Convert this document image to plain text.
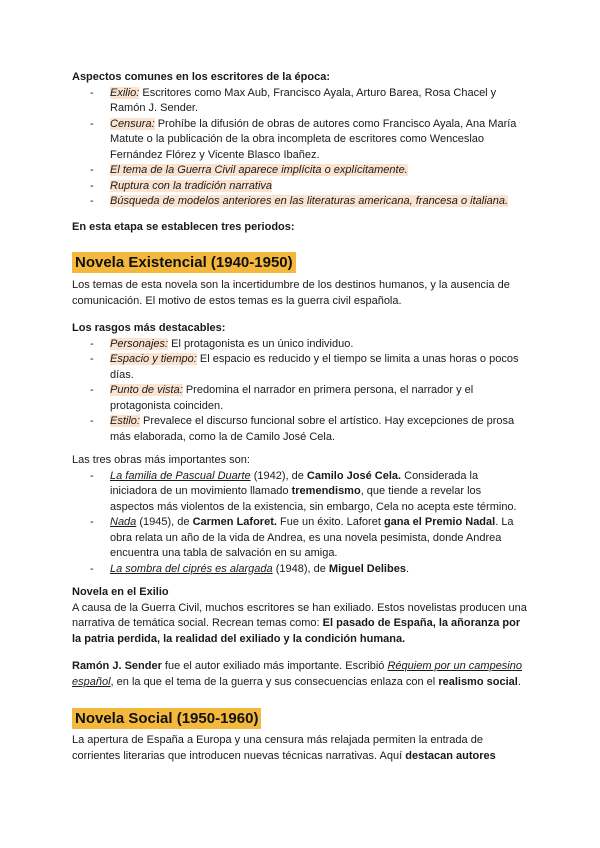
Aspectos comunes en los escritores de la época:
- Exilio: Escritores como Max Aub, Francisco Ayala, Arturo Barea, Rosa Chacel y Ramón J. Sender.
- Censura: Prohíbe la difusión de obras de autores como Francisco Ayala, Ana María Matute o la publicación de la obra incompleta de escritores como Wenceslao Fernández Flórez y Vicente Blasco Ibañez.
- El tema de la Guerra Civil aparece implícita o explícitamente.
- Ruptura con la tradición narrativa
- Búsqueda de modelos anteriores en las literaturas americana, francesa o italiana.
En esta etapa se establecen tres periodos:
Novela Existencial (1940-1950)
Los temas de esta novela son la incertidumbre de los destinos humanos, y la ausencia de comunicación. El motivo de estos temas es la guerra civil española.
Los rasgos más destacables:
- Personajes: El protagonista es un único individuo.
- Espacio y tiempo: El espacio es reducido y el tiempo se limita a unas horas o pocos días.
- Punto de vista: Predomina el narrador en primera persona, el narrador y el protagonista coinciden.
- Estilo: Prevalece el discurso funcional sobre el artístico. Hay excepciones de prosa más elaborada, como la de Camilo José Cela.
Las tres obras más importantes son:
- La familia de Pascual Duarte (1942), de Camilo José Cela. Considerada la iniciadora de un movimiento llamado tremendismo, que tiende a revelar los aspectos más violentos de la existencia, sin embargo, Cela no acepta este término.
- Nada (1945), de Carmen Laforet. Fue un éxito. Laforet gana el Premio Nadal. La obra relata un año de la vida de Andrea, es una novela pesimista, donde Andrea encuentra una tabla de salvación en su amiga.
- La sombra del ciprés es alargada (1948), de Miguel Delibes.
Novela en el Exilio
A causa de la Guerra Civil, muchos escritores se han exiliado. Estos novelistas producen una narrativa de temática social. Recrean temas como: El pasado de España, la añoranza por la patria perdida, la realidad del exiliado y la condición humana.
Ramón J. Sender fue el autor exiliado más importante. Escribió Réquiem por un campesino español, en la que el tema de la guerra y sus consecuencias enlaza con el realismo social.
Novela Social (1950-1960)
La apertura de España a Europa y una censura más relajada permiten la entrada de corrientes literarias que introducen nuevas técnicas narrativas. Aquí destacan autores
